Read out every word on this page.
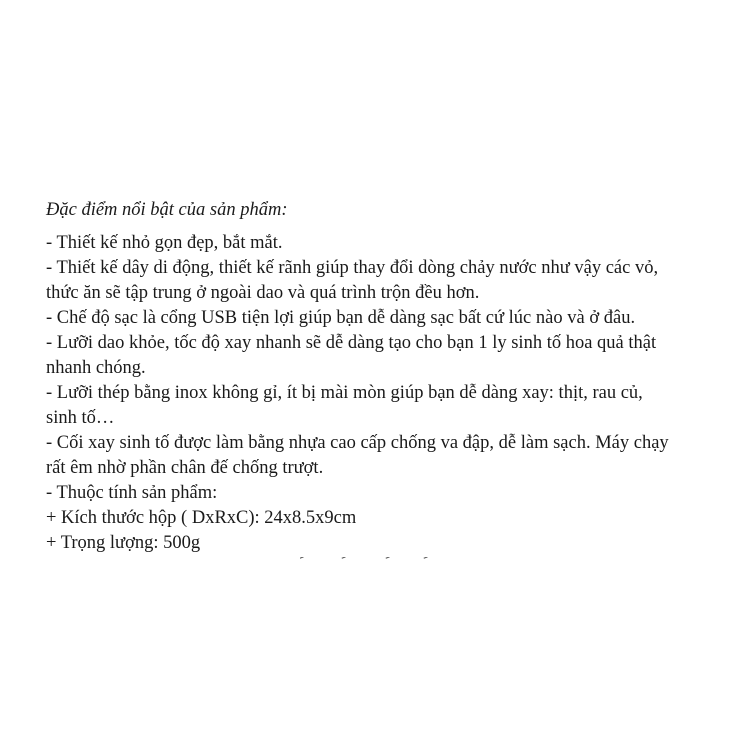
Đặc điểm nổi bật của sản phẩm:

- Thiết kế nhỏ gọn đẹp, bắt mắt.

- Thiết kế dây di động, thiết kế rãnh giúp thay đổi dòng chảy nước như vậy các vỏ,

thức ăn sẽ tập trung ở ngoài dao và quá trình trộn đều hơn.

- Chế độ sạc là cổng USB tiện lợi giúp bạn dễ dàng sạc bất cứ lúc nào và ở đâu.

- Lưỡi dao khỏe, tốc độ xay nhanh sẽ dễ dàng tạo cho bạn 1 ly sinh tố hoa quả thật

nhanh chóng.

- Lưỡi thép bằng inox không gỉ, ít bị mài mòn giúp bạn dễ dàng xay: thịt, rau củ,

sinh tố…

- Cối xay sinh tố được làm bằng nhựa cao cấp chống va đập, dễ làm sạch. Máy chạy

rất êm nhờ phần chân đế chống trượt.

- Thuộc tính sản phẩm:

+ Kích thước hộp ( DxRxC): 24x8.5x9cm

+ Trọng lượng: 500g
